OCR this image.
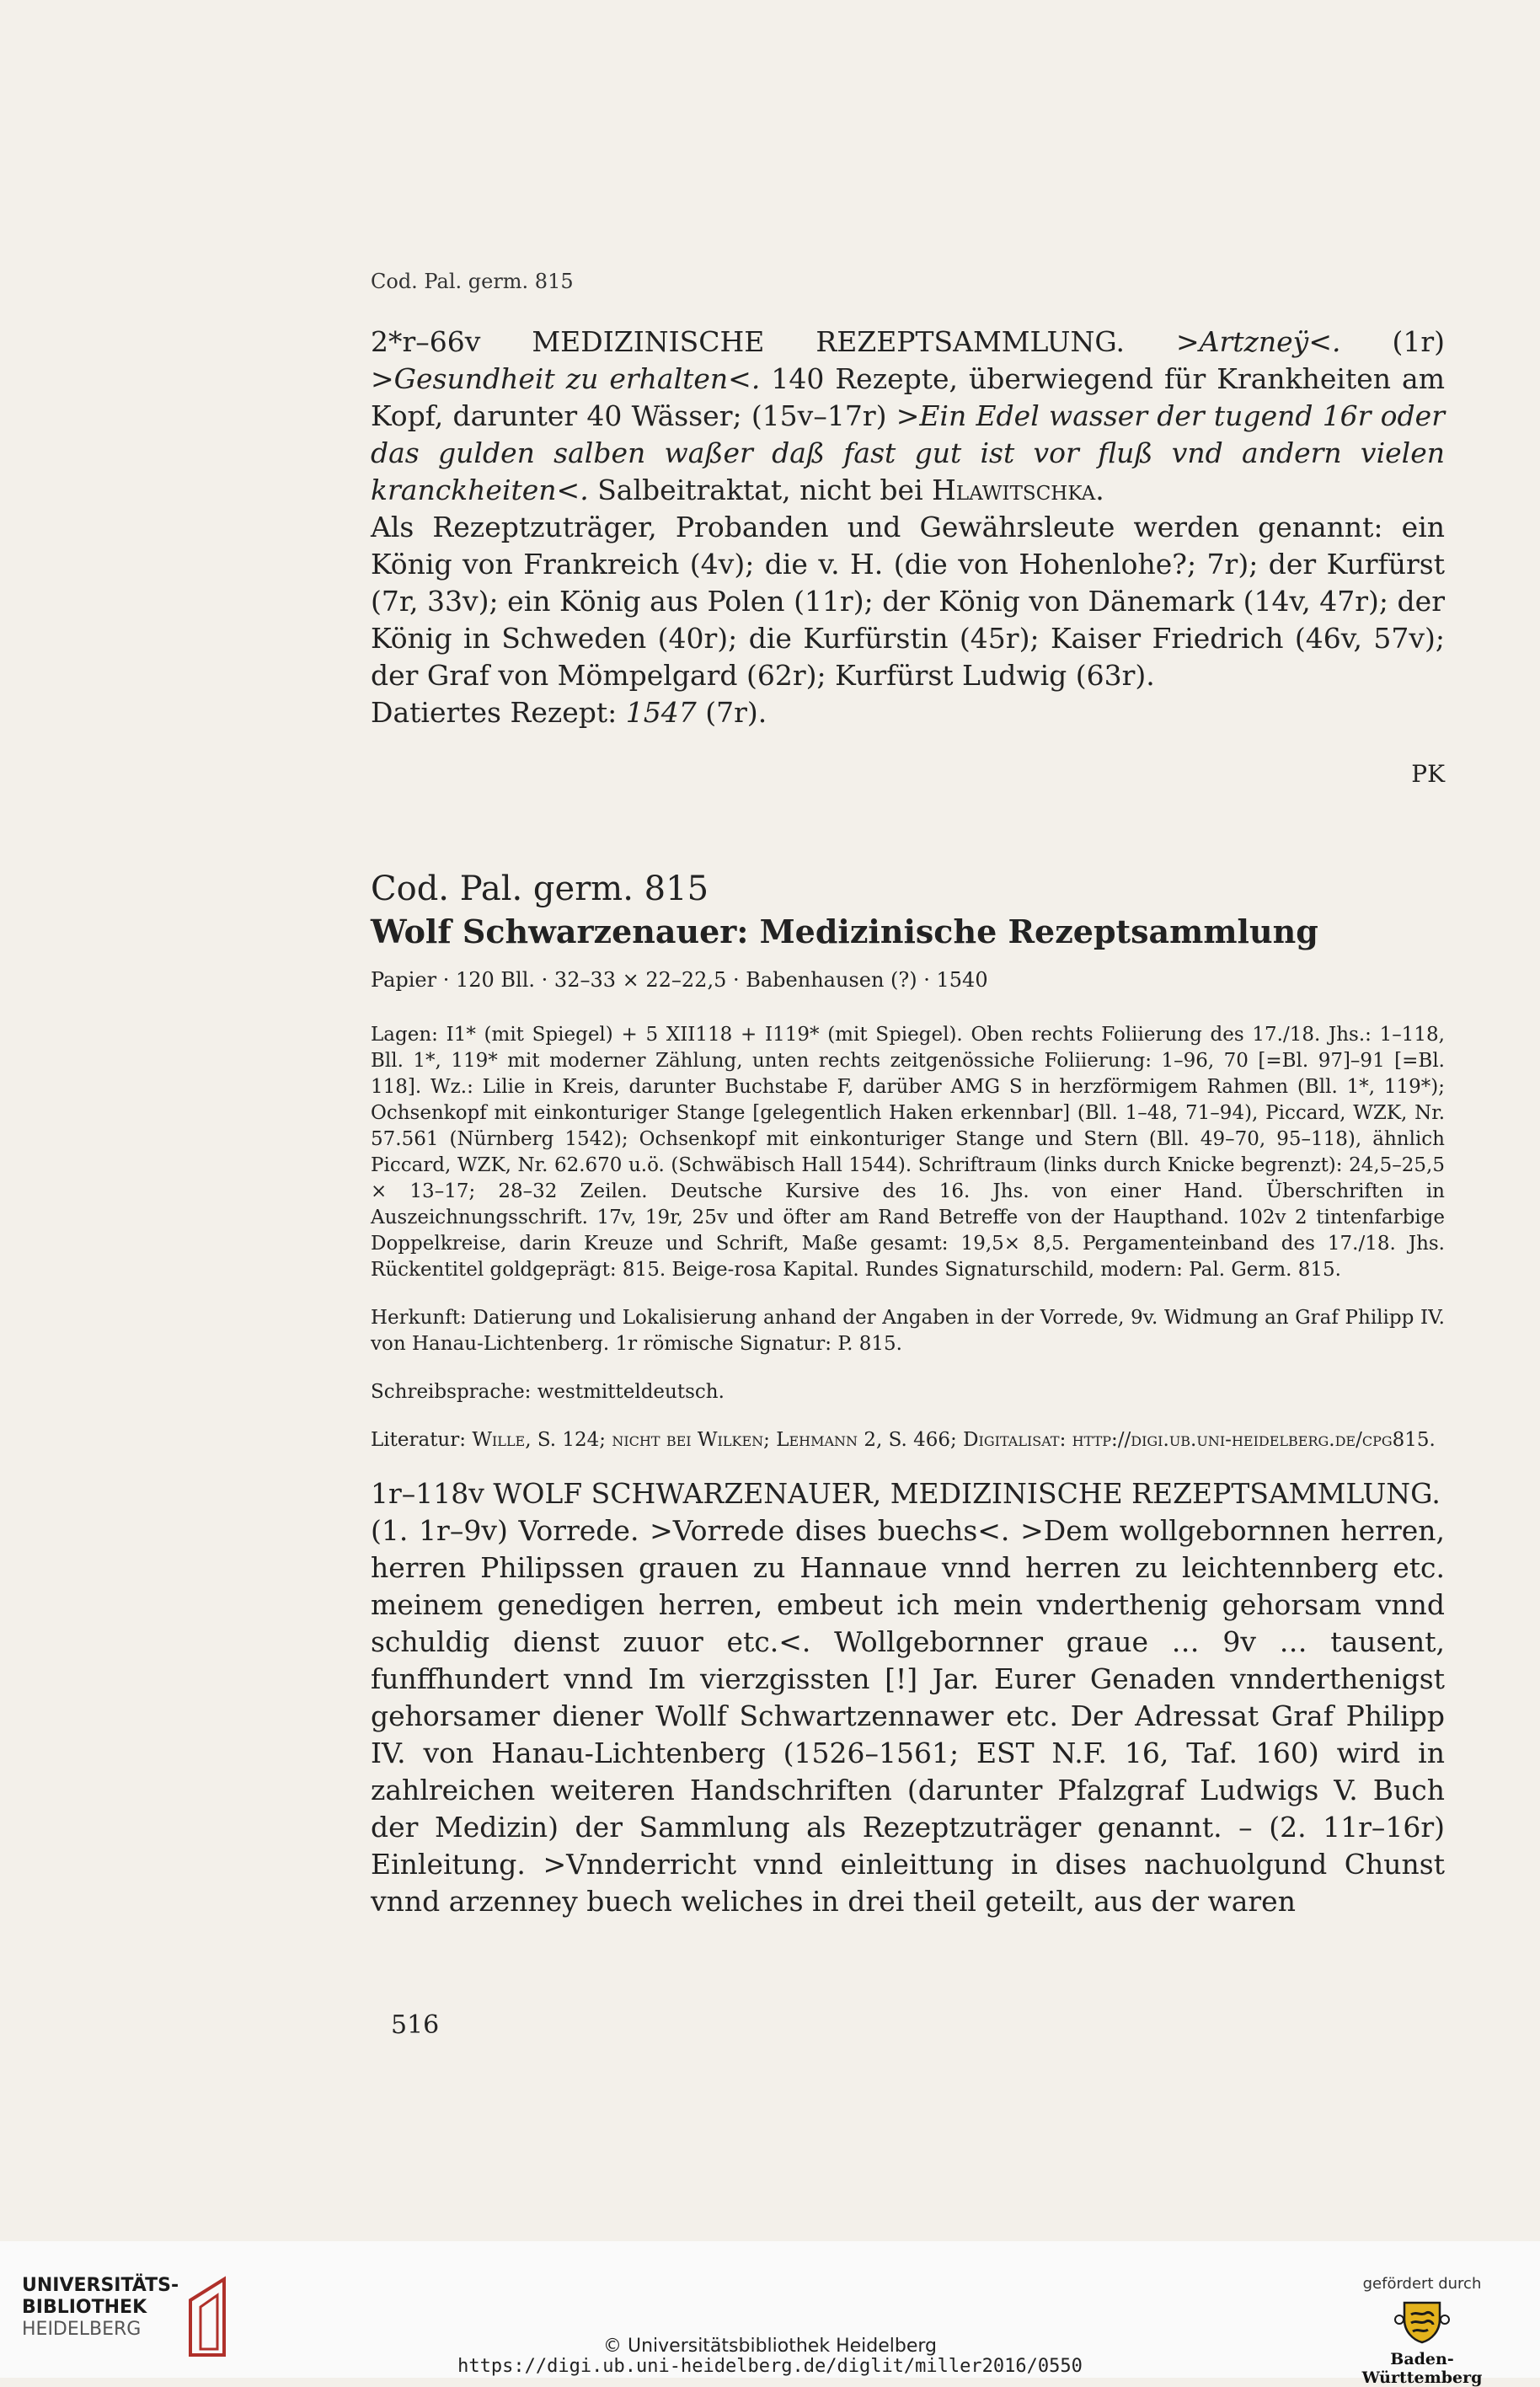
Cod. Pal. germ. 815

2*r–66v MEDIZINISCHE REZEPTSAMMLUNG. >Artzneÿ<. (1r) >Gesundheit zu erhalten<. 140 Rezepte, überwiegend für Krankheiten am Kopf, darunter 40 Wässer; (15v–17r) >Ein Edel wasser der tugend 16r oder das gulden salben waßer daß fast gut ist vor fluß vnd andern vielen kranckheiten<. Salbeitraktat, nicht bei Hlawitschka.

Als Rezeptzuträger, Probanden und Gewährsleute werden genannt: ein König von Frankreich (4v); die v. H. (die von Hohenlohe?; 7r); der Kurfürst (7r, 33v); ein König aus Polen (11r); der König von Dänemark (14v, 47r); der König in Schweden (40r); die Kurfürstin (45r); Kaiser Friedrich (46v, 57v); der Graf von Mömpelgard (62r); Kurfürst Ludwig (63r).

Datiertes Rezept: 1547 (7r).

PK
Cod. Pal. germ. 815
Wolf Schwarzenauer: Medizinische Rezeptsammlung
Papier · 120 Bll. · 32–33 × 22–22,5 · Babenhausen (?) · 1540

Lagen: I1* (mit Spiegel) + 5 XII118 + I119* (mit Spiegel). Oben rechts Foliierung des 17./18. Jhs.: 1–118, Bll. 1*, 119* mit moderner Zählung, unten rechts zeitgenössiche Foliierung: 1–96, 70 [=Bl. 97]–91 [=Bl. 118]. Wz.: Lilie in Kreis, darunter Buchstabe F, darüber AMG S in herzförmigem Rahmen (Bll. 1*, 119*); Ochsenkopf mit einkonturiger Stange [gelegentlich Haken erkennbar] (Bll. 1–48, 71–94), Piccard, WZK, Nr. 57.561 (Nürnberg 1542); Ochsenkopf mit einkonturiger Stange und Stern (Bll. 49–70, 95–118), ähnlich Piccard, WZK, Nr. 62.670 u.ö. (Schwäbisch Hall 1544). Schriftraum (links durch Knicke begrenzt): 24,5–25,5 × 13–17; 28–32 Zeilen. Deutsche Kursive des 16. Jhs. von einer Hand. Überschriften in Auszeichnungsschrift. 17v, 19r, 25v und öfter am Rand Betreffe von der Haupthand. 102v 2 tintenfarbige Doppelkreise, darin Kreuze und Schrift, Maße gesamt: 19,5× 8,5. Pergamenteinband des 17./18. Jhs. Rückentitel goldgeprägt: 815. Beige-rosa Kapital. Rundes Signaturschild, modern: Pal. Germ. 815.

Herkunft: Datierung und Lokalisierung anhand der Angaben in der Vorrede, 9v. Widmung an Graf Philipp IV. von Hanau-Lichtenberg. 1r römische Signatur: P. 815.

Schreibsprache: westmitteldeutsch.

Literatur: Wille, S. 124; nicht bei Wilken; Lehmann 2, S. 466; Digitalisat: http://digi.ub.uni-heidelberg.de/cpg815.

1r–118v WOLF SCHWARZENAUER, MEDIZINISCHE REZEPTSAMMLUNG.

(1. 1r–9v) Vorrede. >Vorrede dises buechs<. >Dem wollgebornnen herren, herren Philipssen grauen zu Hannaue vnnd herren zu leichtennberg etc. meinem genedigen herren, embeut ich mein vnderthenig gehorsam vnnd schuldig dienst zuuor etc.<. Wollgebornner graue … 9v … tausent, funffhundert vnnd Im vierzgissten [!] Jar. Eurer Genaden vnnderthenigst gehorsamer diener Wollf Schwartzennawer etc. Der Adressat Graf Philipp IV. von Hanau-Lichtenberg (1526–1561; EST N.F. 16, Taf. 160) wird in zahlreichen weiteren Handschriften (darunter Pfalzgraf Ludwigs V. Buch der Medizin) der Sammlung als Rezeptzuträger genannt. – (2. 11r–16r) Einleitung. >Vnnderricht vnnd einleittung in dises nachuolgund Chunst vnnd arzenney buech weliches in drei theil geteilt, aus der waren

516
UNIVERSITÄTS-
BIBLIOTHEK
HEIDELBERG
© Universitätsbibliothek Heidelberg
https://digi.ub.uni-heidelberg.de/diglit/miller2016/0550
gefördert durch
Baden-Württemberg
